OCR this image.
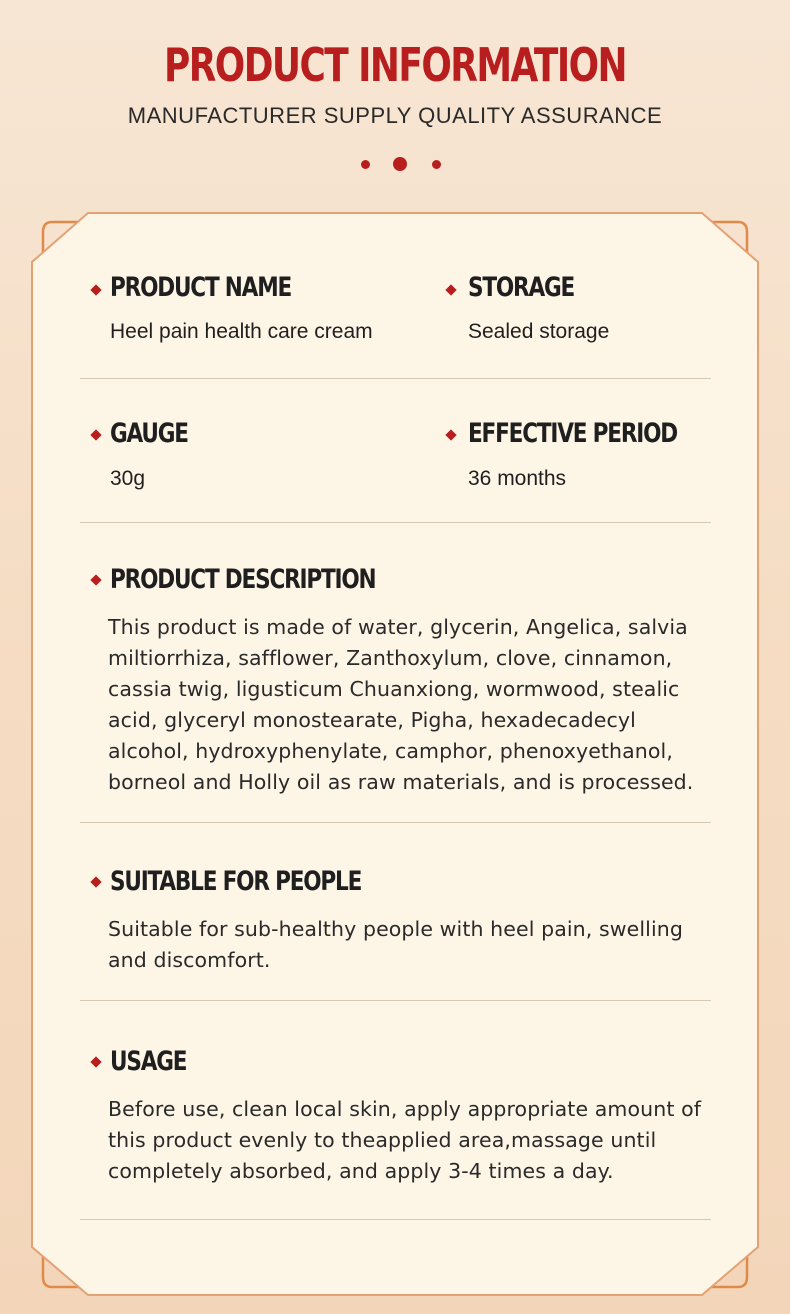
PRODUCT INFORMATION
MANUFACTURER SUPPLY QUALITY ASSURANCE
PRODUCT NAME
Heel pain health care cream
STORAGE
Sealed storage
GAUGE
30g
EFFECTIVE PERIOD
36 months
PRODUCT DESCRIPTION
This product is made of water, glycerin, Angelica, salvia miltiorrhiza, safflower, Zanthoxylum, clove, cinnamon, cassia twig, ligusticum Chuanxiong, wormwood, stealic acid, glyceryl monostearate, Pigha, hexadecadecyl alcohol, hydroxyphenylate, camphor, phenoxyethanol, borneol and Holly oil as raw materials, and is processed.
SUITABLE FOR PEOPLE
Suitable for sub-healthy people with heel pain, swelling and discomfort.
USAGE
Before use, clean local skin, apply appropriate amount of this product evenly to theapplied area,massage until completely absorbed, and apply 3-4 times a day.
